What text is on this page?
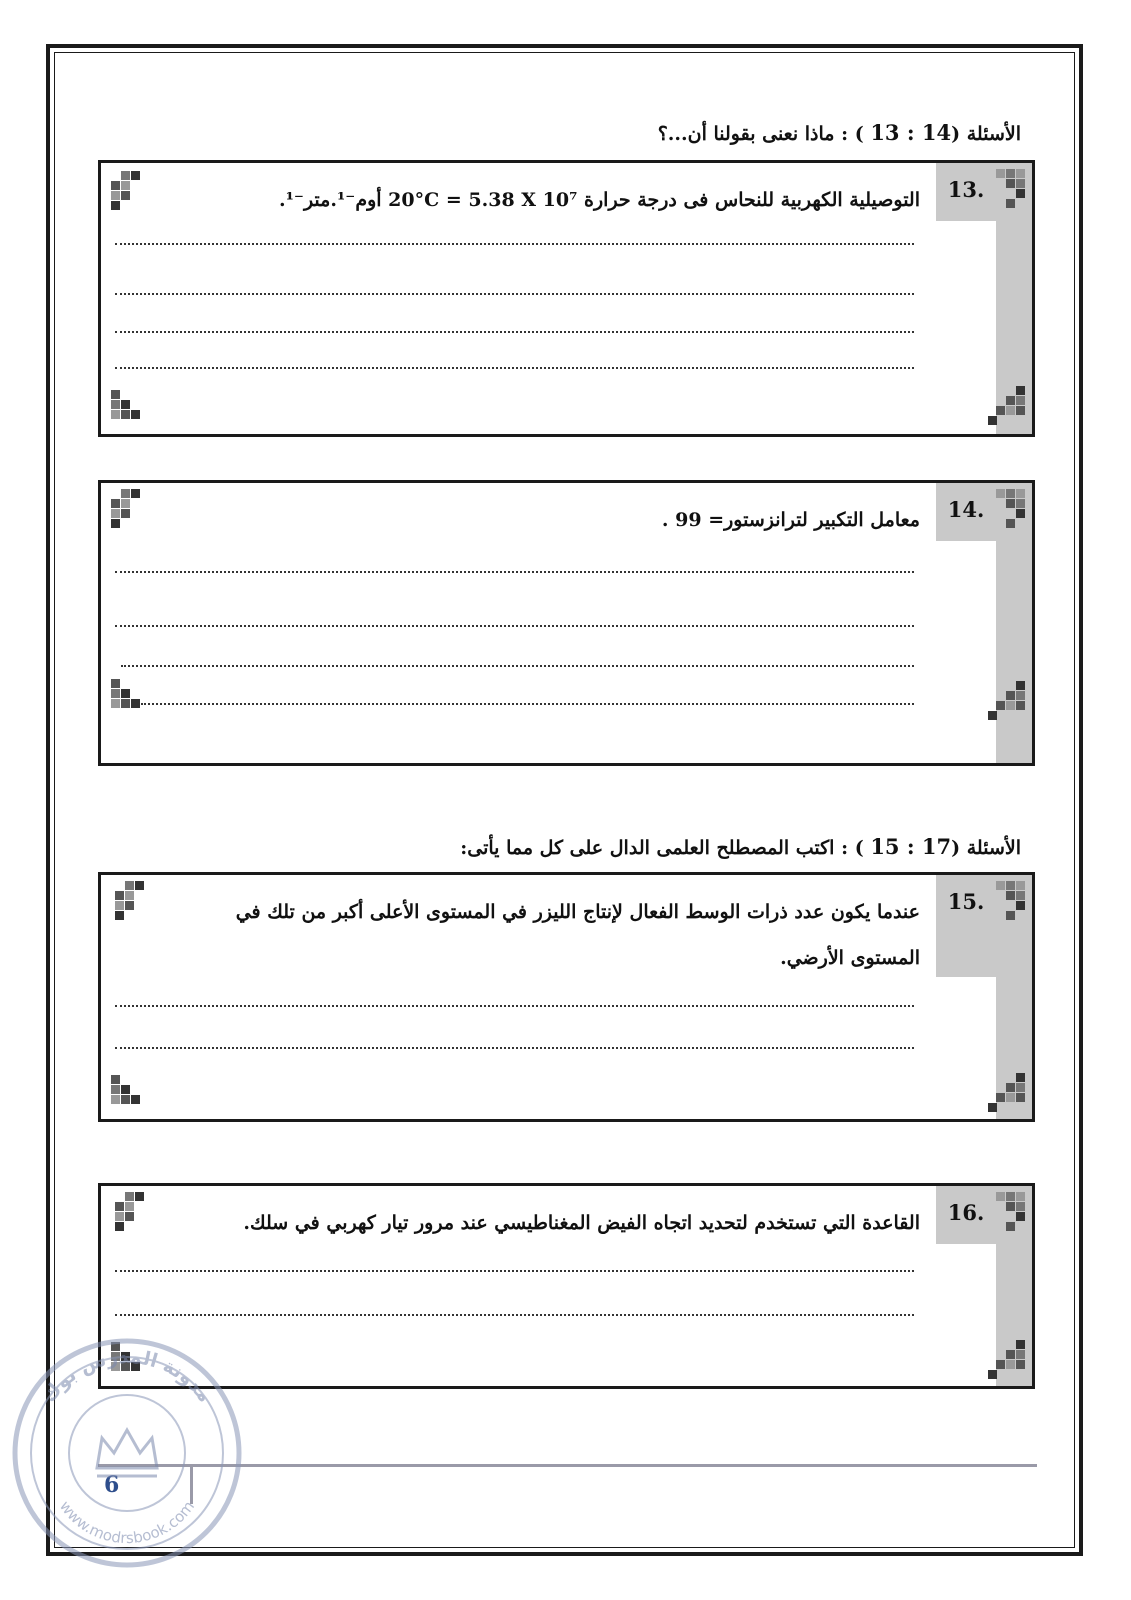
الأسئلة (13 : 14 ) : ماذا نعنى بقولنا أن...؟
13.
التوصيلية الكهربية للنحاس فى درجة حرارة 20°C = 5.38 X 10⁷ أوم⁻¹.متر⁻¹.
14.
معامل التكبير لترانزستور= 99 .
الأسئلة (15 : 17 ) : اكتب المصطلح العلمى الدال على كل مما يأتى:
15.
عندما يكون عدد ذرات الوسط الفعال لإنتاج الليزر في المستوى الأعلى أكبر من تلك في
المستوى الأرضي.
16.
القاعدة التي تستخدم لتحديد اتجاه الفيض المغناطيسي عند مرور تيار كهربي في سلك.
6
مدونة المدرس بوك
www.modrsbook.com
